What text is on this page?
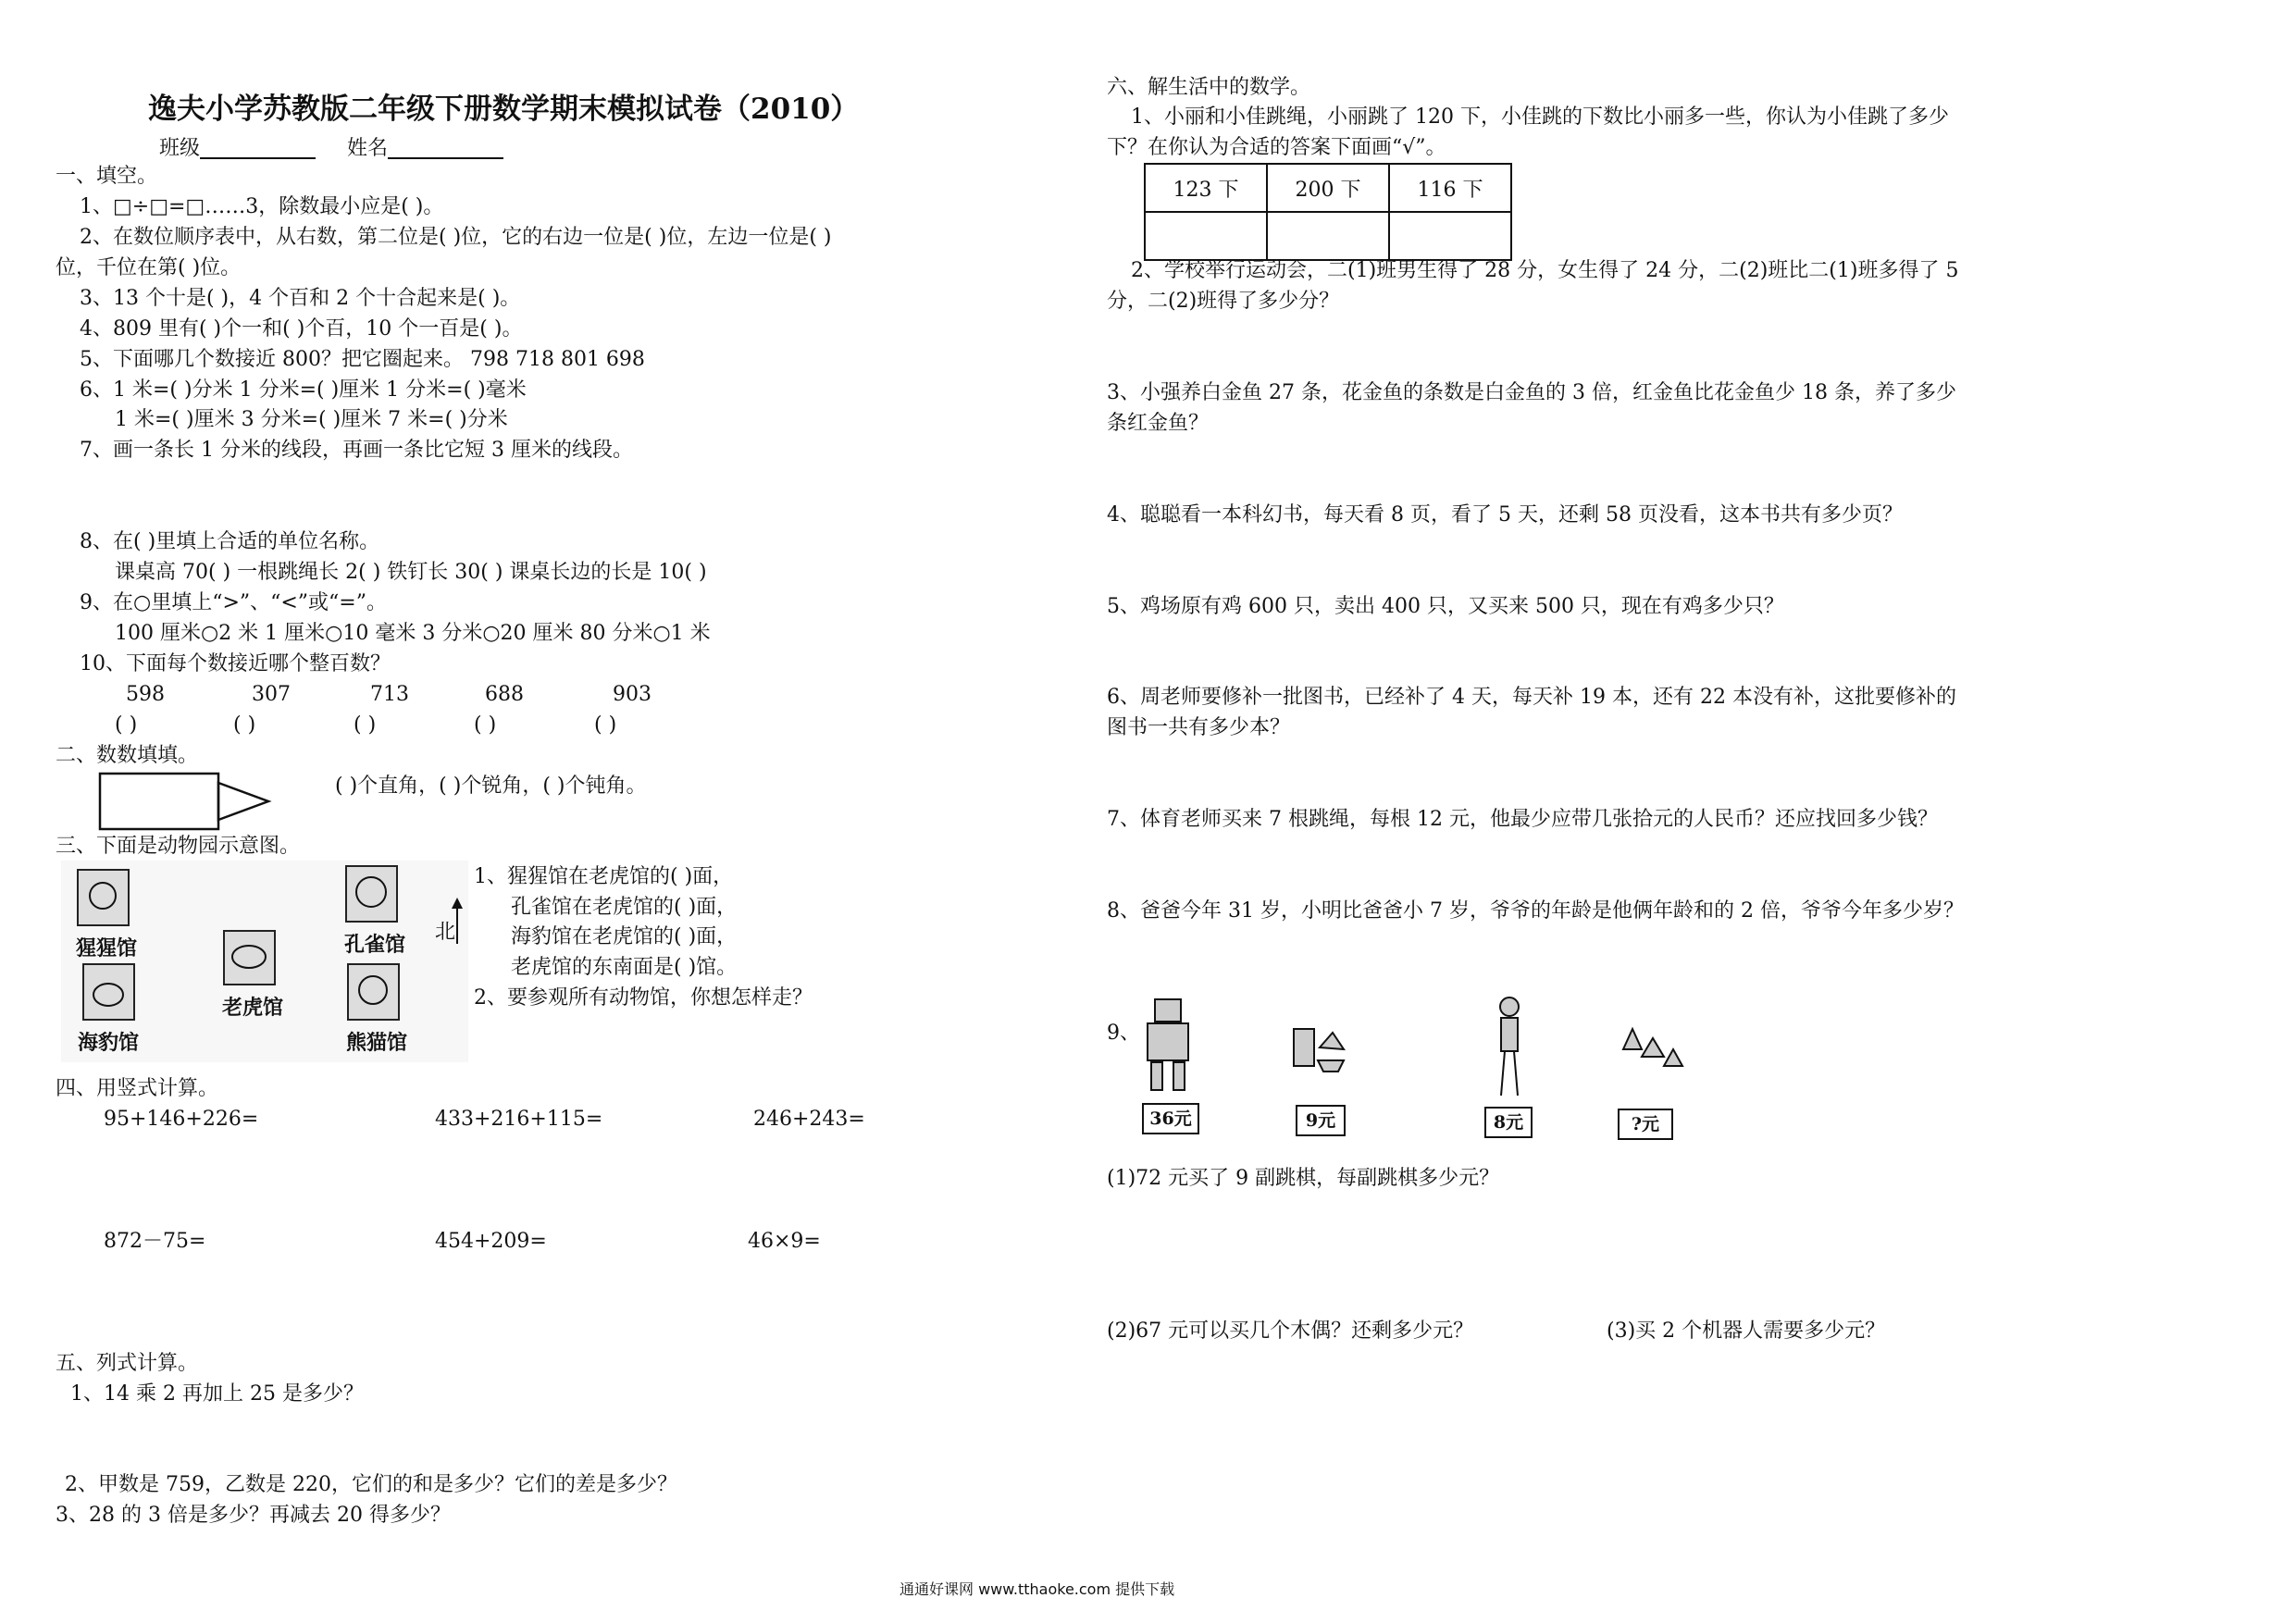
逸夫小学苏教版二年级下册数学期末模拟试卷（2010）
班级	姓名
一、填空。
1、□÷□=□……3，除数最小应是( )。
2、在数位顺序表中，从右数，第二位是( )位，它的右边一位是( )位，左边一位是( )
位，千位在第( )位。
3、13 个十是( )，4 个百和 2 个十合起来是( )。
4、809 里有( )个一和( )个百，10 个一百是( )。
5、下面哪几个数接近 800？把它圈起来。 798 718 801 698
6、1 米=( )分米 1 分米=( )厘米 1 分米=( )毫米
1 米=( )厘米 3 分米=( )厘米 7 米=( )分米
7、画一条长 1 分米的线段，再画一条比它短 3 厘米的线段。
8、在( )里填上合适的单位名称。
课桌高 70( ) 一根跳绳长 2( ) 铁钉长 30( ) 课桌长边的长是 10( )
9、在○里填上“>”、“<”或“=”。
100 厘米○2 米 1 厘米○10 毫米 3 分米○20 厘米 80 分米○1 米
10、下面每个数接近哪个整百数？
598	307	713	688	903
( )	( )	( )	( )	( )
二、数数填填。
( )个直角，( )个锐角，( )个钝角。
三、下面是动物园示意图。
猩猩馆	孔雀馆
老虎馆
海豹馆	熊猫馆
北
1、猩猩馆在老虎馆的( )面，
孔雀馆在老虎馆的( )面，
海豹馆在老虎馆的( )面，
老虎馆的东南面是( )馆。
2、要参观所有动物馆，你想怎样走？
四、用竖式计算。
95+146+226=	433+216+115=	246+243=
872－75=	454+209=	46×9=
五、列式计算。
1、14 乘 2 再加上 25 是多少？
2、甲数是 759，乙数是 220，它们的和是多少？它们的差是多少？
3、28 的 3 倍是多少？再减去 20 得多少？
六、解生活中的数学。
1、小丽和小佳跳绳，小丽跳了 120 下，小佳跳的下数比小丽多一些，你认为小佳跳了多少
下？在你认为合适的答案下面画“√”。
123 下	200 下	116 下

2、学校举行运动会，二(1)班男生得了 28 分，女生得了 24 分，二(2)班比二(1)班多得了 5
分，二(2)班得了多少分？
3、小强养白金鱼 27 条，花金鱼的条数是白金鱼的 3 倍，红金鱼比花金鱼少 18 条，养了多少
条红金鱼？
4、聪聪看一本科幻书，每天看 8 页，看了 5 天，还剩 58 页没看，这本书共有多少页？
5、鸡场原有鸡 600 只，卖出 400 只，又买来 500 只，现在有鸡多少只？
6、周老师要修补一批图书，已经补了 4 天，每天补 19 本，还有 22 本没有补，这批要修补的
图书一共有多少本？
7、体育老师买来 7 根跳绳，每根 12 元，他最少应带几张拾元的人民币？还应找回多少钱？
8、爸爸今年 31 岁，小明比爸爸小 7 岁，爷爷的年龄是他俩年龄和的 2 倍，爷爷今年多少岁？
9、
36元	9元	8元	?元
(1)72 元买了 9 副跳棋，每副跳棋多少元？
(2)67 元可以买几个木偶？还剩多少元？	(3)买 2 个机器人需要多少元？
通通好课网 www.tthaoke.com 提供下载
